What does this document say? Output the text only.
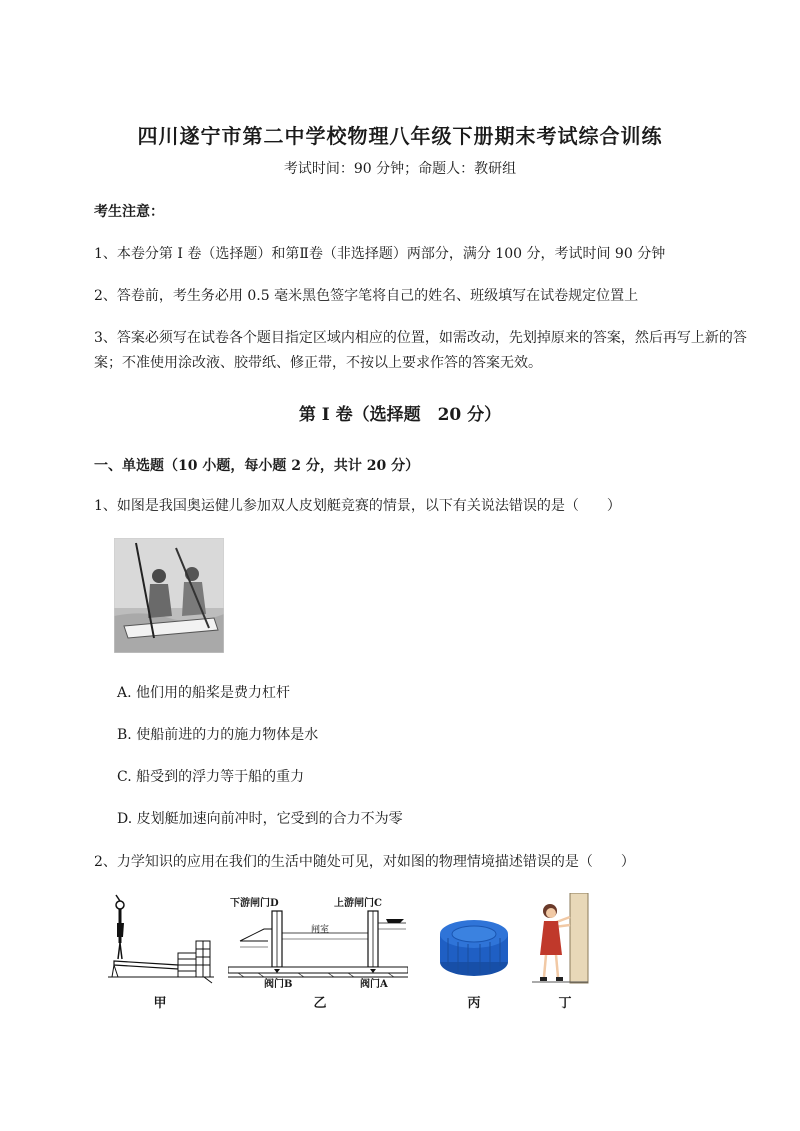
四川遂宁市第二中学校物理八年级下册期末考试综合训练
考试时间：90 分钟；命题人：教研组
考生注意：
1、本卷分第 I 卷（选择题）和第Ⅱ卷（非选择题）两部分，满分 100 分，考试时间 90 分钟
2、答卷前，考生务必用 0.5 毫米黑色签字笔将自己的姓名、班级填写在试卷规定位置上
3、答案必须写在试卷各个题目指定区域内相应的位置，如需改动，先划掉原来的答案，然后再写上新的答案；不准使用涂改液、胶带纸、修正带，不按以上要求作答的答案无效。
第 I 卷（选择题　20 分）
一、单选题（10 小题，每小题 2 分，共计 20 分）
1、如图是我国奥运健儿参加双人皮划艇竞赛的情景，以下有关说法错误的是（　　）
A. 他们用的船桨是费力杠杆
B. 使船前进的力的施力物体是水
C. 船受到的浮力等于船的重力
D. 皮划艇加速向前冲时，它受到的合力不为零
2、力学知识的应用在我们的生活中随处可见，对如图的物理情境描述错误的是（　　）
甲
下游闸门D	上游闸门C
闸室
阀门B	阀门A
乙	丙	丁
